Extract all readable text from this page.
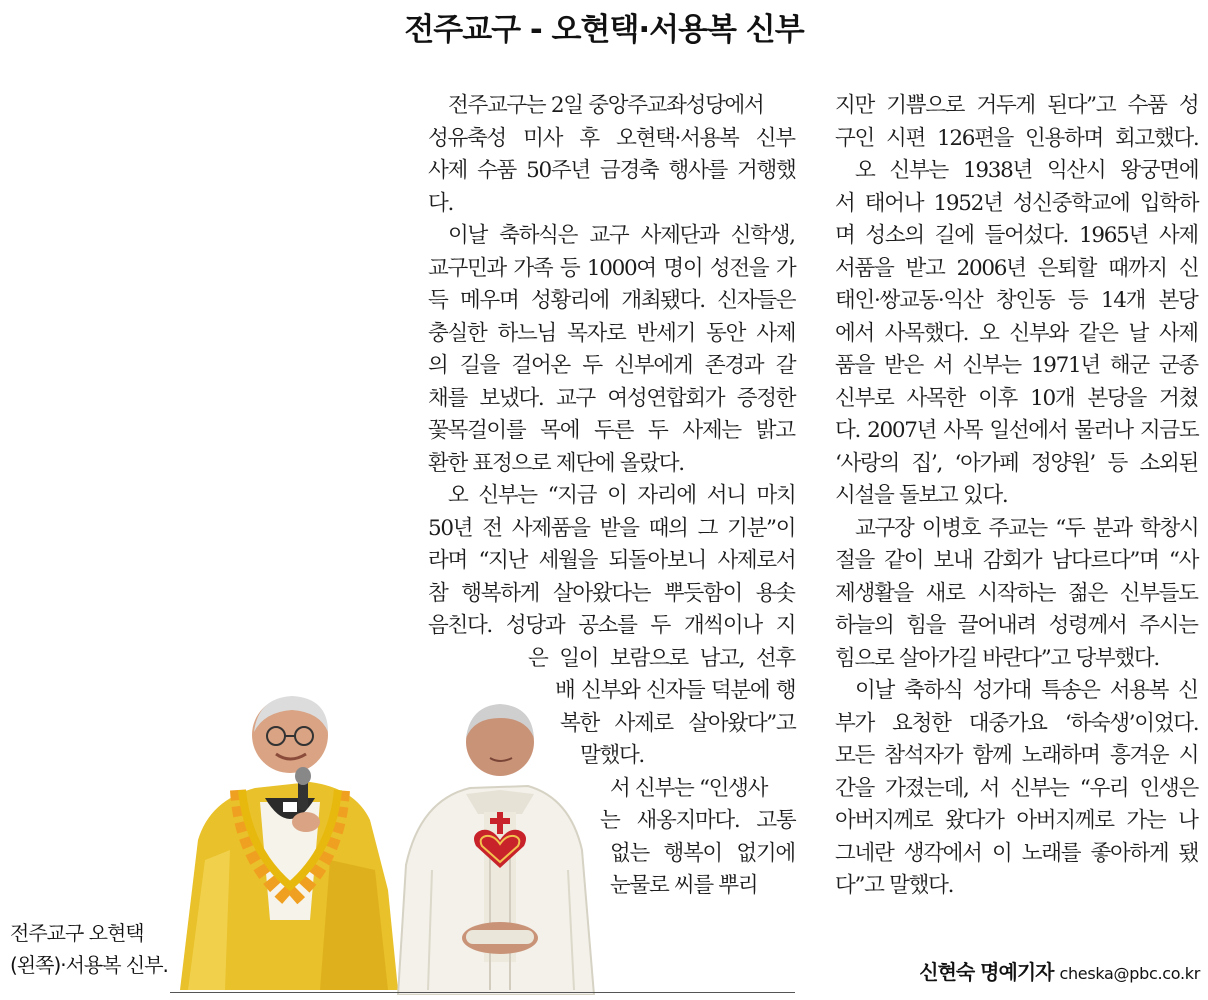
전주교구 - 오현택·서용복 신부
전주교구는 2일 중앙주교좌성당에서
성유축성 미사 후 오현택·서용복 신부
사제 수품 50주년 금경축 행사를 거행했
다.
이날 축하식은 교구 사제단과 신학생,
교구민과 가족 등 1000여 명이 성전을 가
득 메우며 성황리에 개최됐다. 신자들은
충실한 하느님 목자로 반세기 동안 사제
의 길을 걸어온 두 신부에게 존경과 갈
채를 보냈다. 교구 여성연합회가 증정한
꽃목걸이를 목에 두른 두 사제는 밝고
환한 표정으로 제단에 올랐다.
오 신부는 “지금 이 자리에 서니 마치
50년 전 사제품을 받을 때의 그 기분”이
라며 “지난 세월을 되돌아보니 사제로서
참 행복하게 살아왔다는 뿌듯함이 용솟
음친다. 성당과 공소를 두 개씩이나 지
은 일이 보람으로 남고, 선후
배 신부와 신자들 덕분에 행
복한 사제로 살아왔다”고
말했다.
서 신부는 “인생사
는 새옹지마다. 고통
없는 행복이 없기에
눈물로 씨를 뿌리
지만 기쁨으로 거두게 된다”고 수품 성
구인 시편 126편을 인용하며 회고했다.
오 신부는 1938년 익산시 왕궁면에
서 태어나 1952년 성신중학교에 입학하
며 성소의 길에 들어섰다. 1965년 사제
서품을 받고 2006년 은퇴할 때까지 신
태인·쌍교동·익산 창인동 등 14개 본당
에서 사목했다. 오 신부와 같은 날 사제
품을 받은 서 신부는 1971년 해군 군종
신부로 사목한 이후 10개 본당을 거쳤
다. 2007년 사목 일선에서 물러나 지금도
‘사랑의 집’, ‘아가페 정양원’ 등 소외된
시설을 돌보고 있다.
교구장 이병호 주교는 “두 분과 학창시
절을 같이 보내 감회가 남다르다”며 “사
제생활을 새로 시작하는 젊은 신부들도
하늘의 힘을 끌어내려 성령께서 주시는
힘으로 살아가길 바란다”고 당부했다.
이날 축하식 성가대 특송은 서용복 신
부가 요청한 대중가요 ‘하숙생’이었다.
모든 참석자가 함께 노래하며 흥겨운 시
간을 가졌는데, 서 신부는 “우리 인생은
아버지께로 왔다가 아버지께로 가는 나
그네란 생각에서 이 노래를 좋아하게 됐
다”고 말했다.
전주교구 오현택
(왼쪽)·서용복 신부.	신현숙 명예기자 cheska@pbc.co.kr
